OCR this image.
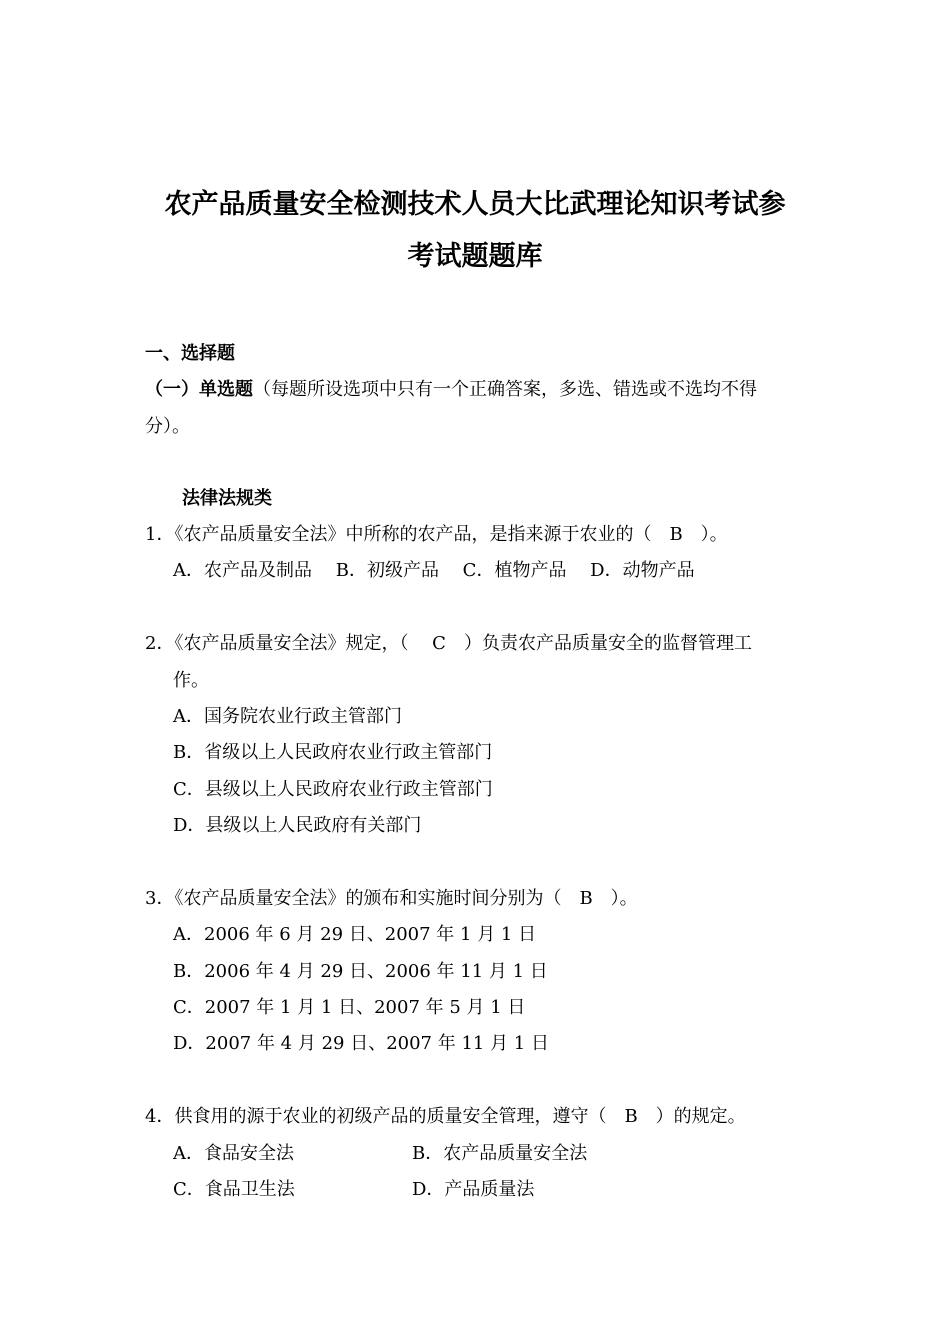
农产品质量安全检测技术人员大比武理论知识考试参
考试题题库
一、选择题
（一）单选题（每题所设选项中只有一个正确答案，多选、错选或不选均不得
分）。
法律法规类
1．《农产品质量安全法》中所称的农产品，是指来源于农业的（　B　）。
A．农产品及制品　 B．初级产品　 C．植物产品　 D．动物产品
2．《农产品质量安全法》规定，（　 C　）负责农产品质量安全的监督管理工
作。
A．国务院农业行政主管部门
B．省级以上人民政府农业行政主管部门
C．县级以上人民政府农业行政主管部门
D．县级以上人民政府有关部门
3．《农产品质量安全法》的颁布和实施时间分别为（　B　）。
A．2006 年 6 月 29 日、2007 年 1 月 1 日
B．2006 年 4 月 29 日、2006 年 11 月 1 日
C．2007 年 1 月 1 日、2007 年 5 月 1 日
D．2007 年 4 月 29 日、2007 年 11 月 1 日
4．供食用的源于农业的初级产品的质量安全管理，遵守（　B　）的规定。
A．食品安全法	B．农产品质量安全法
C．食品卫生法	D．产品质量法
